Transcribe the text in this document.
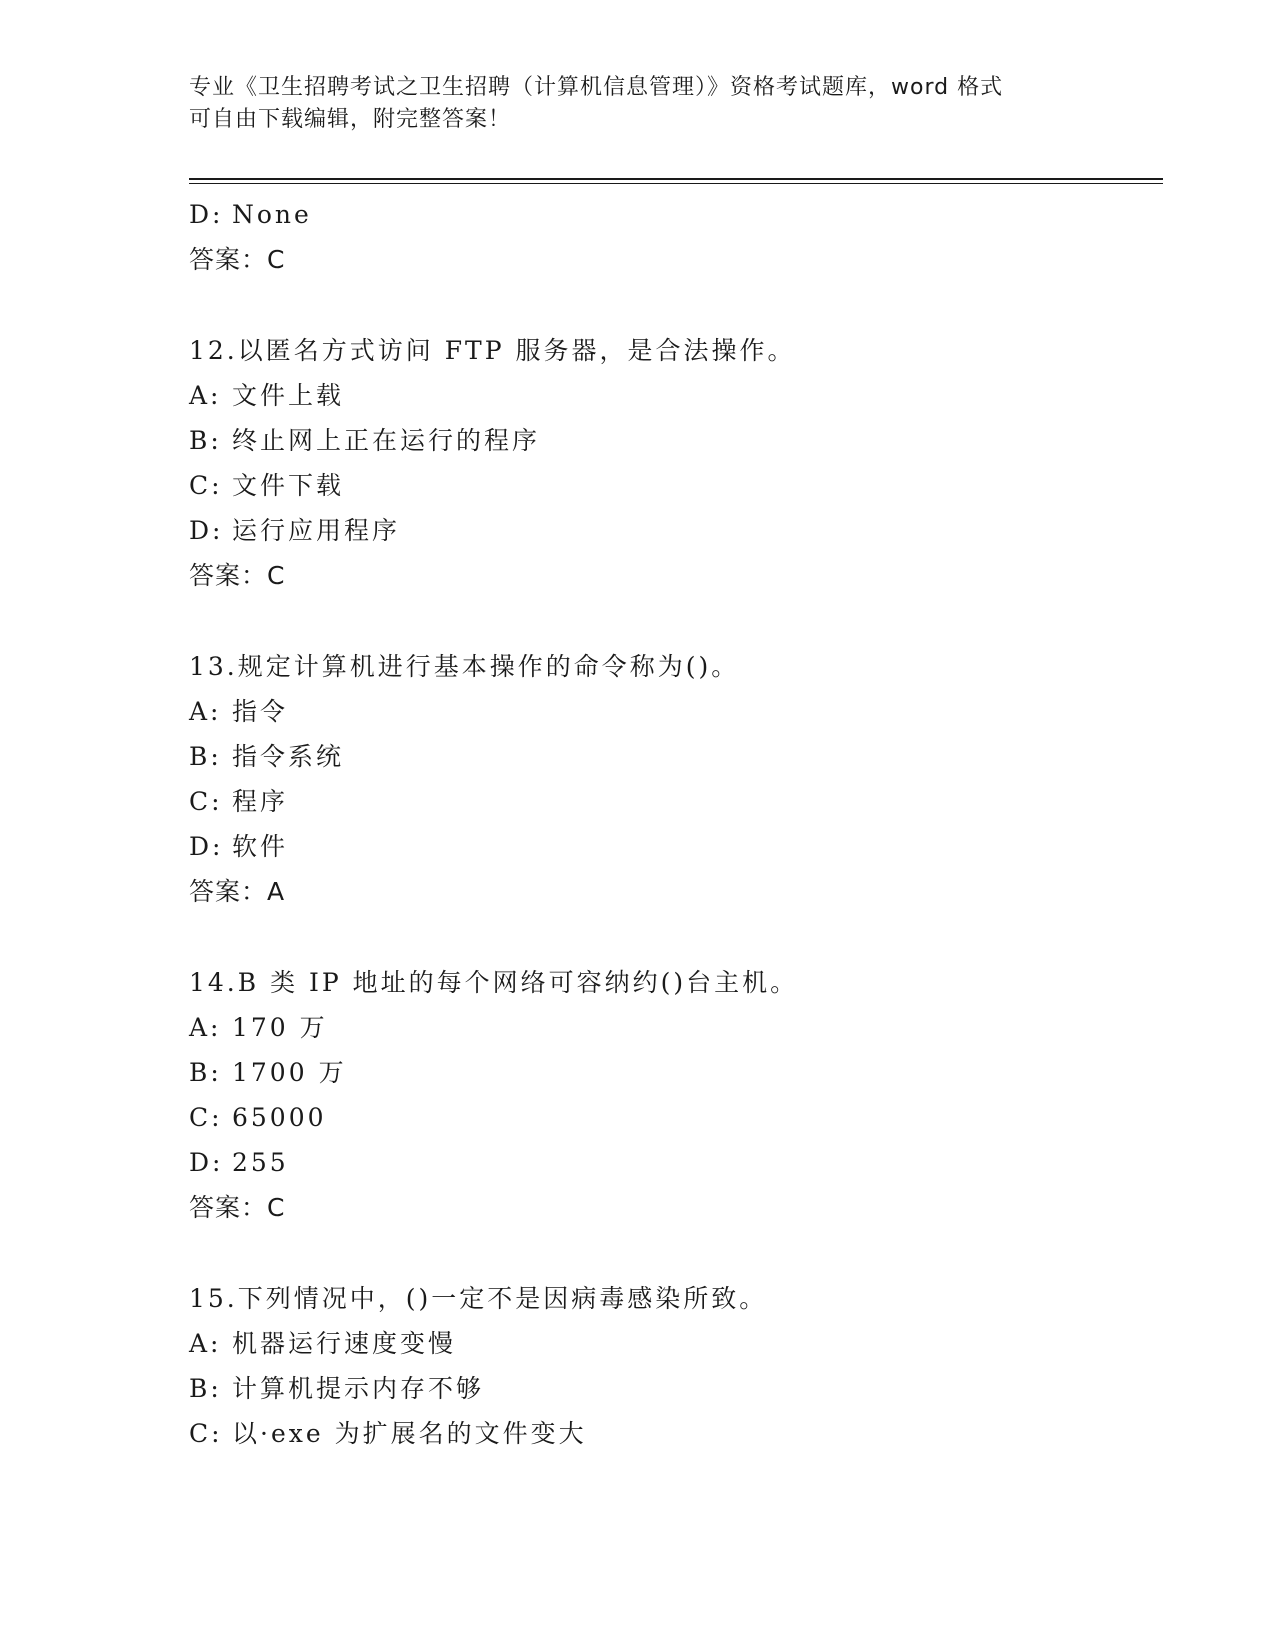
专业《卫生招聘考试之卫生招聘（计算机信息管理）》资格考试题库，word 格式
可自由下载编辑，附完整答案！
D: None
答案：C
12.以匿名方式访问 FTP 服务器，是合法操作。
A: 文件上载
B: 终止网上正在运行的程序
C: 文件下载
D: 运行应用程序
答案：C
13.规定计算机进行基本操作的命令称为()。
A: 指令
B: 指令系统
C: 程序
D: 软件
答案：A
14.B 类 IP 地址的每个网络可容纳约()台主机。
A: 170 万
B: 1700 万
C: 65000
D: 255
答案：C
15.下列情况中，()一定不是因病毒感染所致。
A: 机器运行速度变慢
B: 计算机提示内存不够
C: 以·exe 为扩展名的文件变大
